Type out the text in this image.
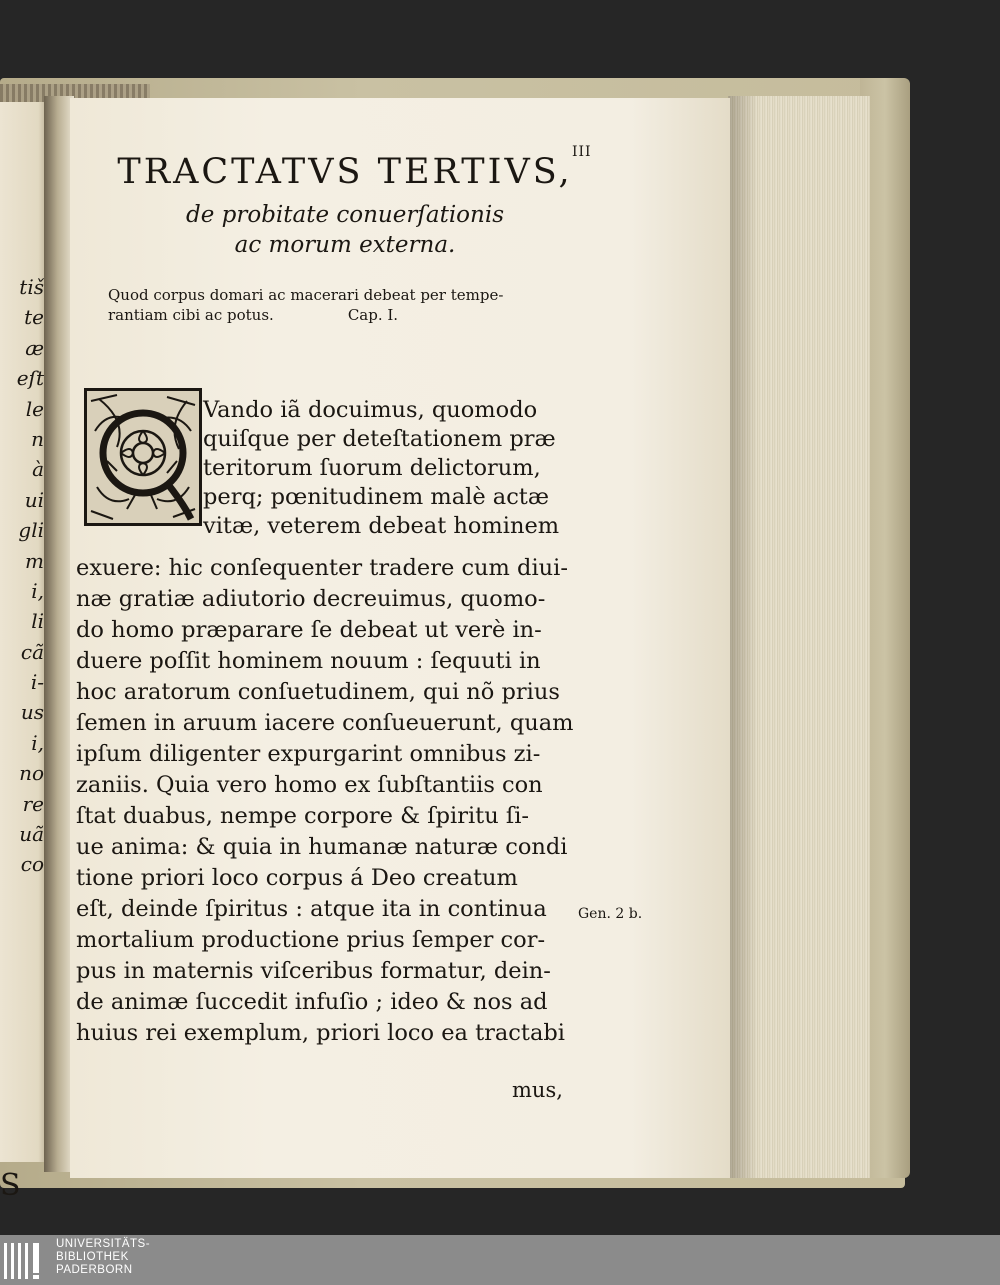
tiš
te
æ
eſt
le
n
à
ui
gli
m
i,
li
cã
i-
us
i,
no
re
uã
co
S
TRACTATVS TERTIVS, III
de probitate conuerſationis
ac morum externa.
Quod corpus domari ac macerari debeat per tempe-
rantiam cibi ac potus.	Cap. I.
Vando iã docuimus, quomodo
quiſque per deteſtationem præ
teritorum ſuorum delictorum,
perq; pœnitudinem malè actæ
vitæ, veterem debeat hominem
exuere: hic conſequenter tradere cum diui-
næ gratiæ adiutorio decreuimus, quomo-
do homo præparare ſe debeat ut verè in-
duere poſſit hominem nouum : ſequuti in
hoc aratorum conſuetudinem, qui nõ prius
ſemen in aruum iacere conſueuerunt, quam
ipſum diligenter expurgarint omnibus zi-
zaniis. Quia vero homo ex ſubſtantiis con
ſtat duabus, nempe corpore & ſpiritu ſi-
ue anima: & quia in humanæ naturæ condi
tione priori loco corpus á Deo creatum
eſt, deinde ſpiritus : atque ita in continua
mortalium productione prius ſemper cor-
pus in maternis viſceribus formatur, dein-
de animæ ſuccedit infuſio ; ideo & nos ad
huius rei exemplum, priori loco ea tractabi
Gen. 2 b.
mus,
UNIVERSITÄTS-
BIBLIOTHEK
PADERBORN
